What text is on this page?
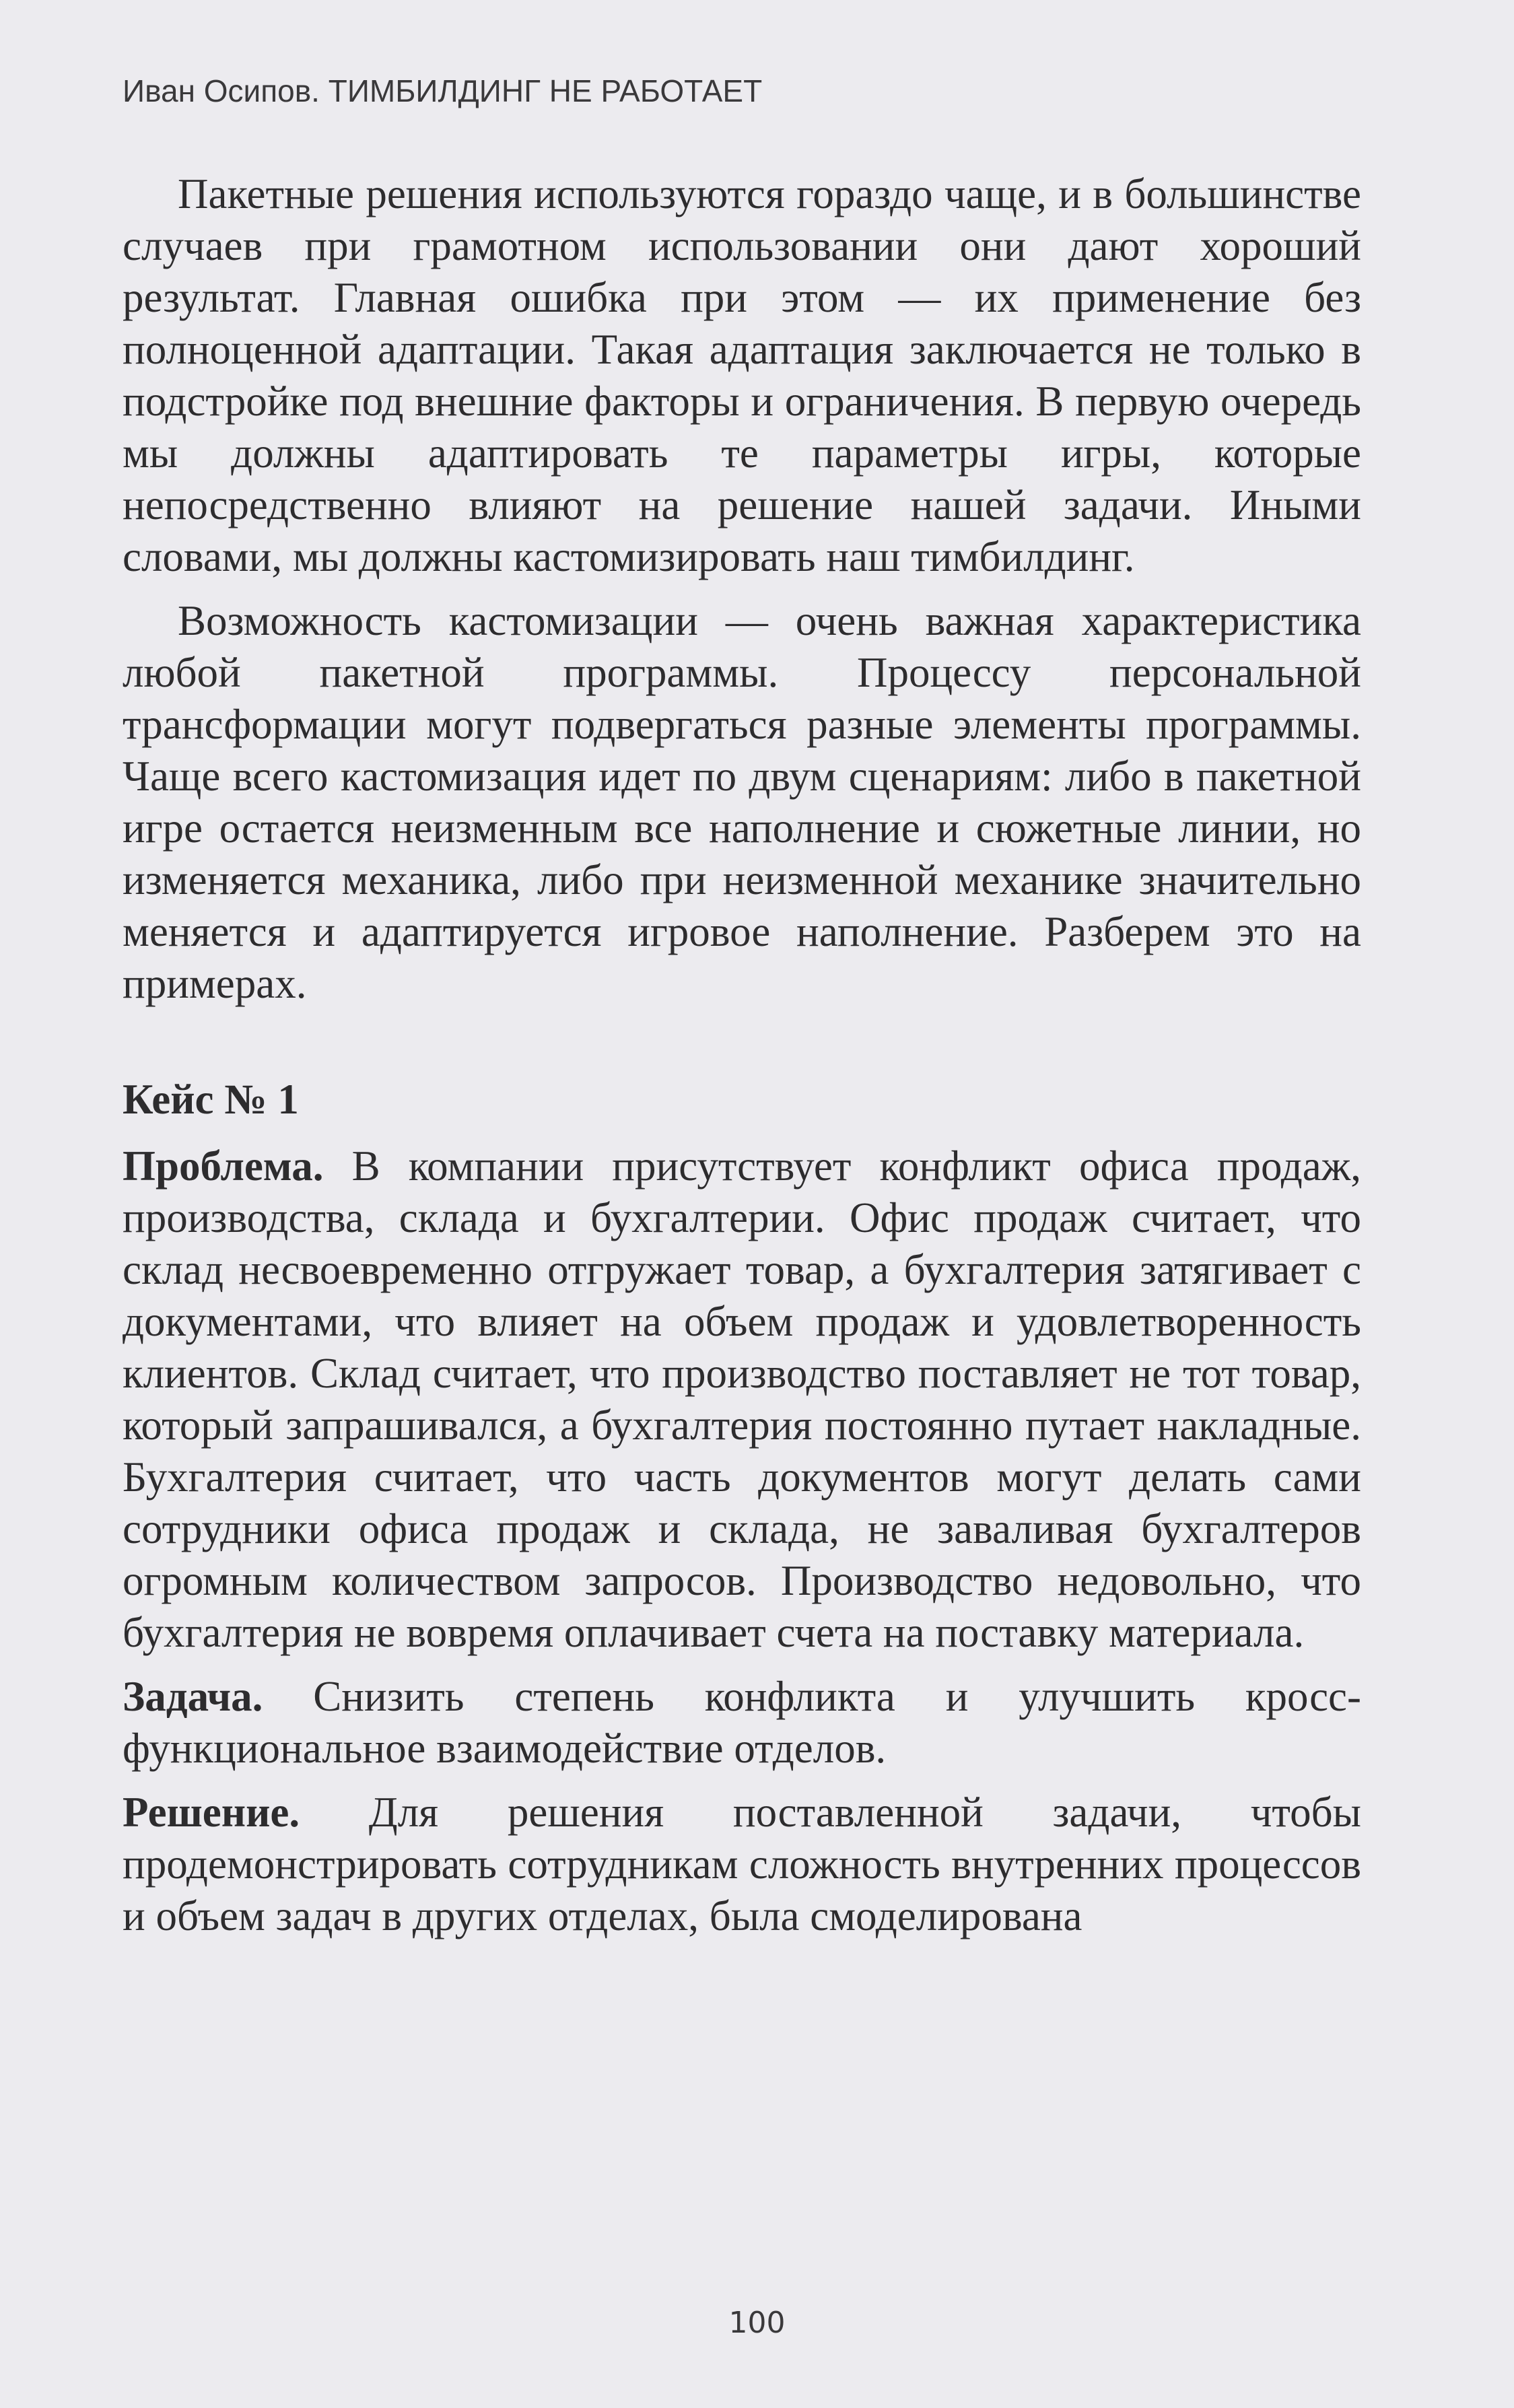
Иван Осипов. ТИМБИЛДИНГ НЕ РАБОТАЕТ

Пакетные решения используются гораздо чаще, и в большинстве случаев при грамотном использовании они дают хороший результат. Главная ошибка при этом — их применение без полноценной адаптации. Такая адаптация заключается не только в подстройке под внешние факторы и ограничения. В первую очередь мы должны адаптировать те параметры игры, которые непосредственно влияют на решение нашей задачи. Иными словами, мы должны кастомизировать наш тимбилдинг.

Возможность кастомизации — очень важная характеристика любой пакетной программы. Процессу персональной трансформации могут подвергаться разные элементы программы. Чаще всего кастомизация идет по двум сценариям: либо в пакетной игре остается неизменным все наполнение и сюжетные линии, но изменяется механика, либо при неизменной механике значительно меняется и адаптируется игровое наполнение. Разберем это на примерах.

Кейс № 1

Проблема. В компании присутствует конфликт офиса продаж, производства, склада и бухгалтерии. Офис продаж считает, что склад несвоевременно отгружает товар, а бухгалтерия затягивает с документами, что влияет на объем продаж и удовлетворенность клиентов. Склад считает, что производство поставляет не тот товар, который запрашивался, а бухгалтерия постоянно путает накладные. Бухгалтерия считает, что часть документов могут делать сами сотрудники офиса продаж и склада, не заваливая бухгалтеров огромным количеством запросов. Производство недовольно, что бухгалтерия не вовремя оплачивает счета на поставку материала.

Задача. Снизить степень конфликта и улучшить кроссфункциональное взаимодействие отделов.

Решение. Для решения поставленной задачи, чтобы продемонстрировать сотрудникам сложность внутренних процессов и объем задач в других отделах, была смоделирована

100
